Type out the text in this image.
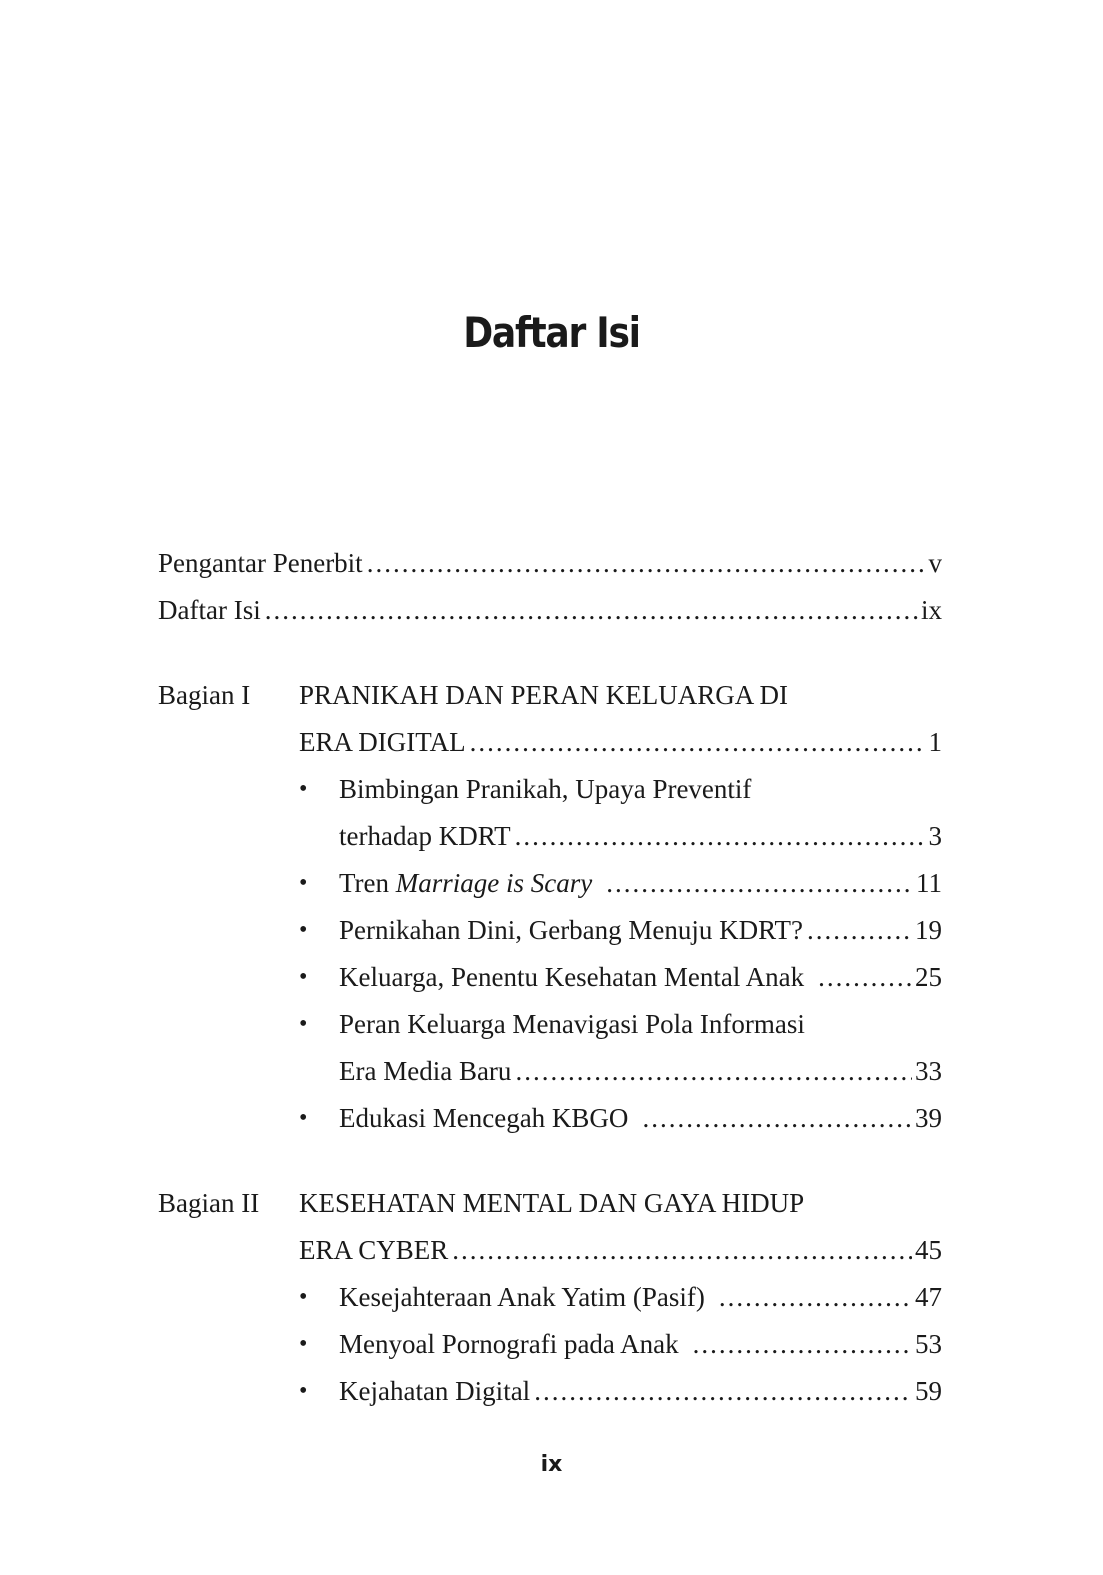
Daftar Isi
Pengantar Penerbit .....	v
Daftar Isi .....	ix
Bagian I	PRANIKAH DAN PERAN KELUARGA DI
ERA DIGITAL .....	1
•	Bimbingan Pranikah, Upaya Preventif
terhadap KDRT .....	3
•	Tren Marriage is Scary .....	11
•	Pernikahan Dini, Gerbang Menuju KDRT? .....	19
•	Keluarga, Penentu Kesehatan Mental Anak .....	25
•	Peran Keluarga Menavigasi Pola Informasi
Era Media Baru .....	33
•	Edukasi Mencegah KBGO .....	39
Bagian II	KESEHATAN MENTAL DAN GAYA HIDUP
ERA CYBER .....	45
•	Kesejahteraan Anak Yatim (Pasif) .....	47
•	Menyoal Pornografi pada Anak .....	53
•	Kejahatan Digital .....	59
ix
